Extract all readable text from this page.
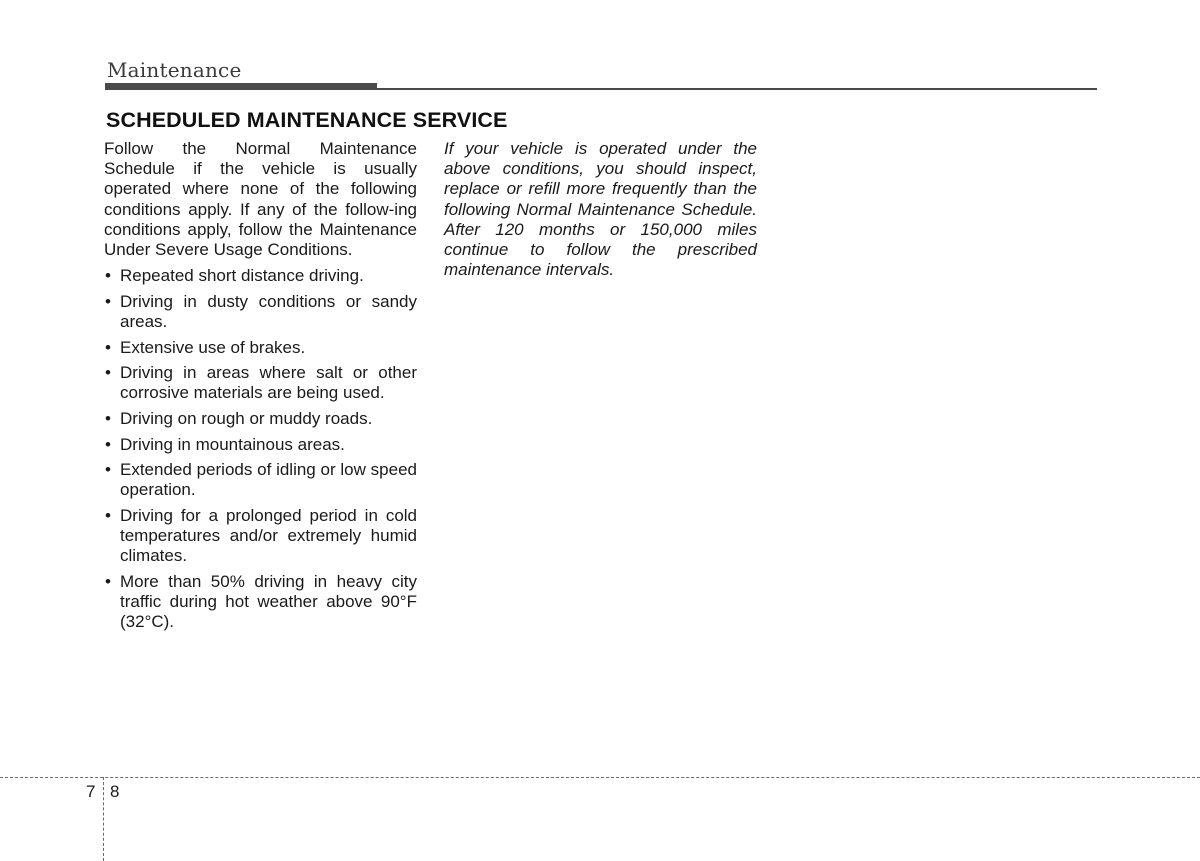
Maintenance
SCHEDULED MAINTENANCE SERVICE

Follow the Normal Maintenance Schedule if the vehicle is usually operated where none of the following conditions apply. If any of the follow-ing conditions apply, follow the Maintenance Under Severe Usage Conditions.

• Repeated short distance driving.
• Driving in dusty conditions or sandy areas.
• Extensive use of brakes.
• Driving in areas where salt or other corrosive materials are being used.
• Driving on rough or muddy roads.
• Driving in mountainous areas.
• Extended periods of idling or low speed operation.
• Driving for a prolonged period in cold temperatures and/or extremely humid climates.
• More than 50% driving in heavy city traffic during hot weather above 90°F (32°C).

If your vehicle is operated under the above conditions, you should inspect, replace or refill more frequently than the following Normal Maintenance Schedule. After 120 months or 150,000 miles continue to follow the prescribed maintenance intervals.

7 8
